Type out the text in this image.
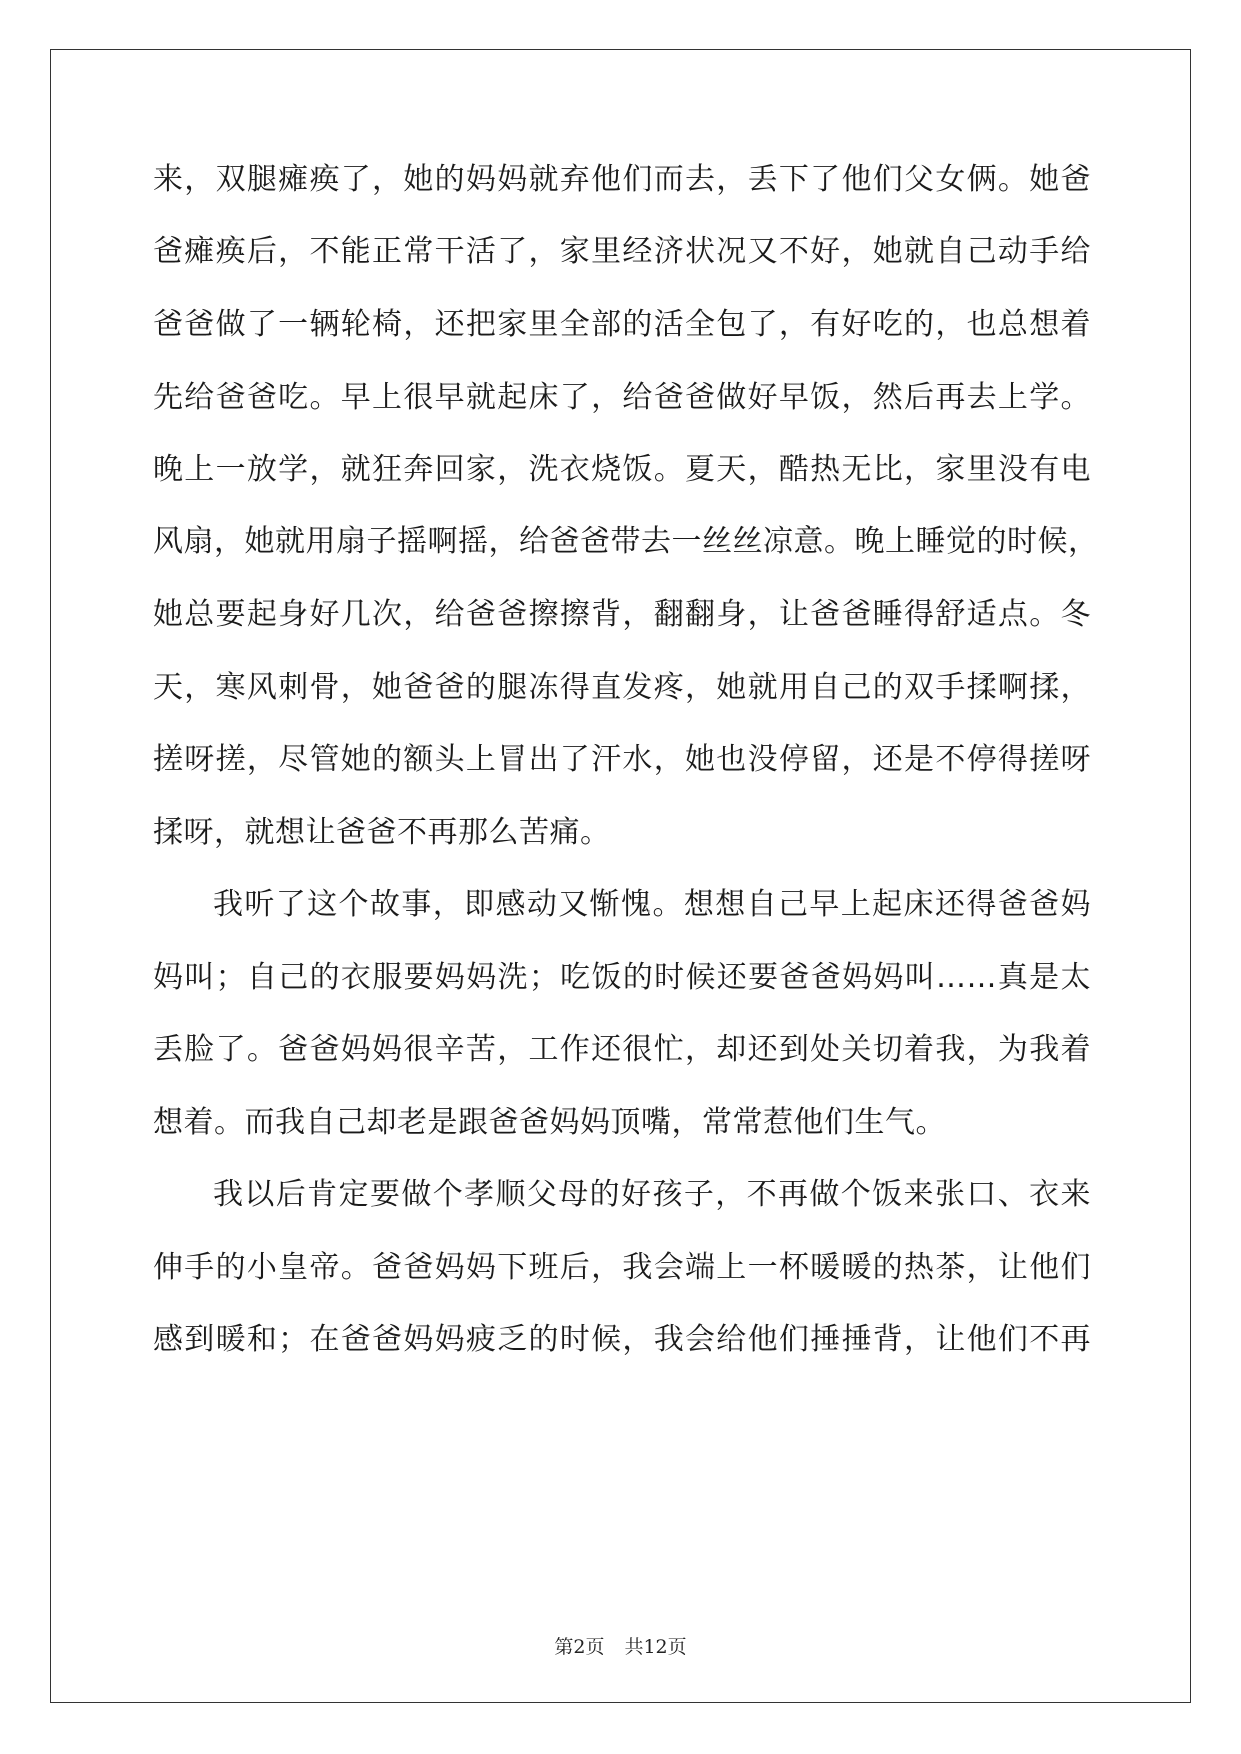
来，双腿瘫痪了，她的妈妈就弃他们而去，丢下了他们父女俩。她爸
爸瘫痪后，不能正常干活了，家里经济状况又不好，她就自己动手给
爸爸做了一辆轮椅，还把家里全部的活全包了，有好吃的，也总想着
先给爸爸吃。早上很早就起床了，给爸爸做好早饭，然后再去上学。
晚上一放学，就狂奔回家，洗衣烧饭。夏天，酷热无比，家里没有电
风扇，她就用扇子摇啊摇，给爸爸带去一丝丝凉意。晚上睡觉的时候，
她总要起身好几次，给爸爸擦擦背，翻翻身，让爸爸睡得舒适点。冬
天，寒风刺骨，她爸爸的腿冻得直发疼，她就用自己的双手揉啊揉，
搓呀搓，尽管她的额头上冒出了汗水，她也没停留，还是不停得搓呀
揉呀，就想让爸爸不再那么苦痛。
我听了这个故事，即感动又惭愧。想想自己早上起床还得爸爸妈
妈叫；自己的衣服要妈妈洗；吃饭的时候还要爸爸妈妈叫……真是太
丢脸了。爸爸妈妈很辛苦，工作还很忙，却还到处关切着我，为我着
想着。而我自己却老是跟爸爸妈妈顶嘴，常常惹他们生气。
我以后肯定要做个孝顺父母的好孩子，不再做个饭来张口、衣来
伸手的小皇帝。爸爸妈妈下班后，我会端上一杯暖暖的热茶，让他们
感到暖和；在爸爸妈妈疲乏的时候，我会给他们捶捶背，让他们不再
第2页 共12页
